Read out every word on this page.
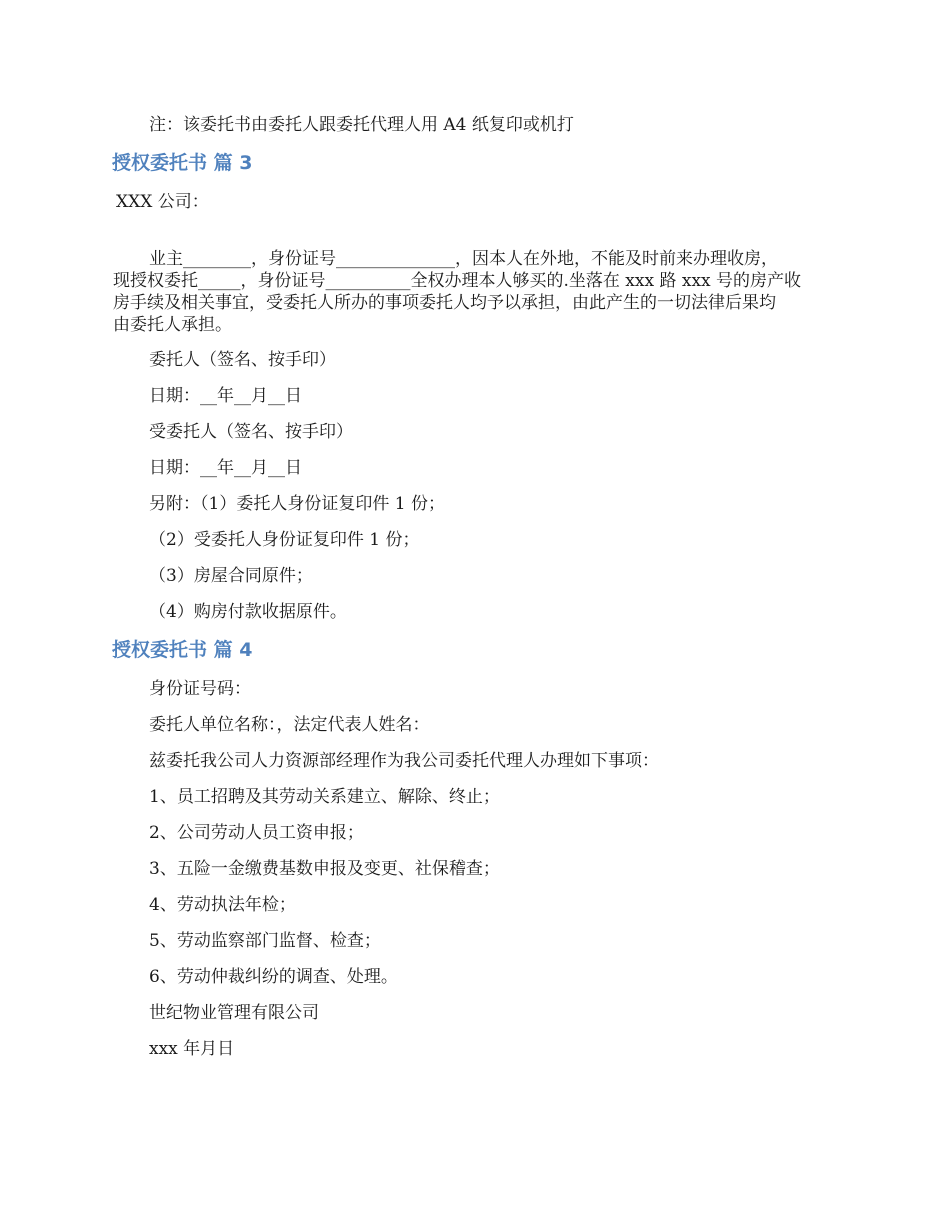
注：该委托书由委托人跟委托代理人用 A4 纸复印或机打

授权委托书 篇 3

XXX 公司：

业主________，身份证号______________，因本人在外地，不能及时前来办理收房，
现授权委托_____，身份证号__________全权办理本人够买的.坐落在 xxx 路 xxx 号的房产收
房手续及相关事宜，受委托人所办的事项委托人均予以承担，由此产生的一切法律后果均
由委托人承担。

委托人（签名、按手印）

日期：__年__月__日

受委托人（签名、按手印）

日期：__年__月__日

另附：（1）委托人身份证复印件 1 份；

（2）受委托人身份证复印件 1 份；

（3）房屋合同原件；

（4）购房付款收据原件。

授权委托书 篇 4

身份证号码：

委托人单位名称：，法定代表人姓名：

兹委托我公司人力资源部经理作为我公司委托代理人办理如下事项：

1、员工招聘及其劳动关系建立、解除、终止；

2、公司劳动人员工资申报；

3、五险一金缴费基数申报及变更、社保稽查；

4、劳动执法年检；

5、劳动监察部门监督、检查；

6、劳动仲裁纠纷的调查、处理。

世纪物业管理有限公司

xxx 年月日
